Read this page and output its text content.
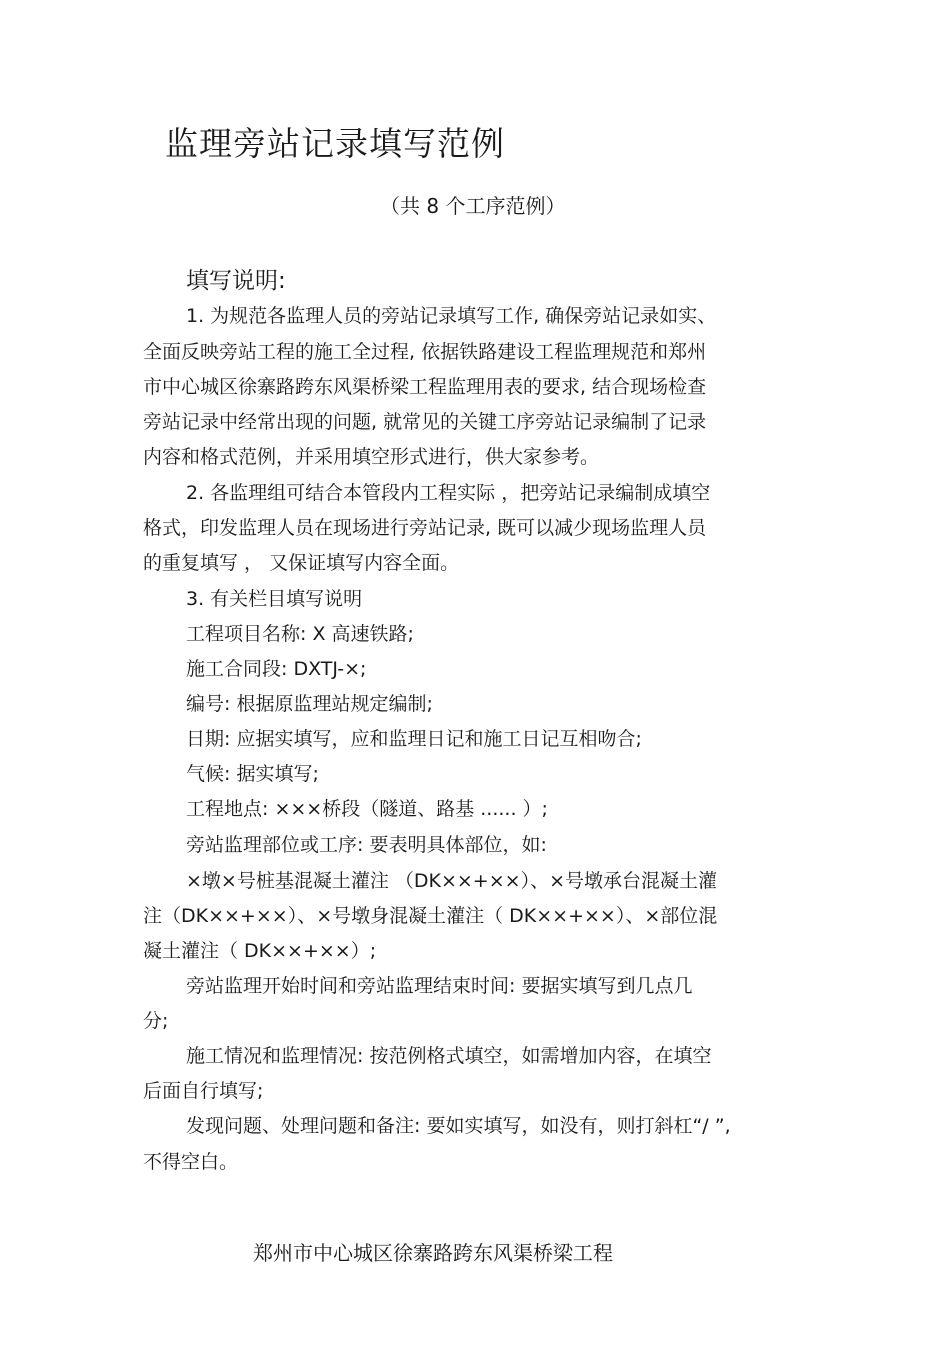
监理旁站记录填写范例
（共 8 个工序范例）
填写说明:
1. 为规范各监理人员的旁站记录填写工作, 确保旁站记录如实、
全面反映旁站工程的施工全过程, 依据铁路建设工程监理规范和郑州
市中心城区徐寨路跨东风渠桥梁工程监理用表的要求, 结合现场检查
旁站记录中经常出现的问题, 就常见的关键工序旁站记录编制了记录
内容和格式范例，并采用填空形式进行，供大家参考。
2. 各监理组可结合本管段内工程实际 ，把旁站记录编制成填空
格式，印发监理人员在现场进行旁站记录, 既可以减少现场监理人员
的重复填写 ， 又保证填写内容全面。
3. 有关栏目填写说明
工程项目名称: X 高速铁路;
施工合同段: DXTJ-×;
编号: 根据原监理站规定编制;
日期: 应据实填写，应和监理日记和施工日记互相吻合;
气候: 据实填写;
工程地点: ×××桥段（隧道、路基 ...... ）;
旁站监理部位或工序: 要表明具体部位，如:
×墩×号桩基混凝土灌注 （DK××+××）、×号墩承台混凝土灌
注（DK××+××）、×号墩身混凝土灌注（ DK××+××）、×部位混
凝土灌注（ DK××+××）;
旁站监理开始时间和旁站监理结束时间: 要据实填写到几点几
分;
施工情况和监理情况: 按范例格式填空，如需增加内容，在填空
后面自行填写;
发现问题、处理问题和备注: 要如实填写，如没有，则打斜杠“/ ”,
不得空白。
郑州市中心城区徐寨路跨东风渠桥梁工程
